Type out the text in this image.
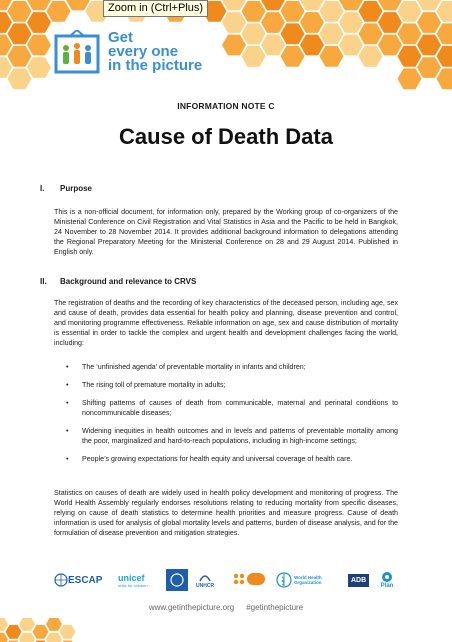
Zoom in (Ctrl+Plus)
Get
every one
in the picture
INFORMATION NOTE C
Cause of Death Data
I. Purpose
This is a non-official document, for information only, prepared by the Working group of co-organizers of the Ministerial Conference on Civil Registration and Vital Statistics in Asia and the Pacific to be held in Bangkok, 24 November to 28 November 2014. It provides additional background information to delegations attending the Regional Preparatory Meeting for the Ministerial Conference on 28 and 29 August 2014. Published in English only.
II. Background and relevance to CRVS
The registration of deaths and the recording of key characteristics of the deceased person, including age, sex and cause of death, provides data essential for health policy and planning, disease prevention and control, and monitoring programme effectiveness. Reliable information on age, sex and cause distribution of mortality is essential in order to tackle the complex and urgent health and development challenges facing the world, including:
• The ‘unfinished agenda’ of preventable mortality in infants and children;
• The rising toll of premature mortality in adults;
• Shifting patterns of causes of death from communicable, maternal and perinatal conditions to noncommunicable diseases;
• Widening inequities in health outcomes and in levels and patterns of preventable mortality among the poor, marginalized and hard-to-reach populations, including in high-income settings;
• People’s growing expectations for health equity and universal coverage of health care.
Statistics on causes of death are widely used in health policy development and monitoring of progress. The World Health Assembly regularly endorses resolutions relating to reducing mortality from specific diseases, relying on cause of death statistics to determine health priorities and measure progress. Cause of death information is used for analysis of global mortality levels and patterns, burden of disease analysis, and for the formulation of disease prevention and mitigation strategies.
ESCAP unicef
unite for children	UNHCR
World Health Organization	ADB
Plan
www.getinthepicture.org #getinthepicture
